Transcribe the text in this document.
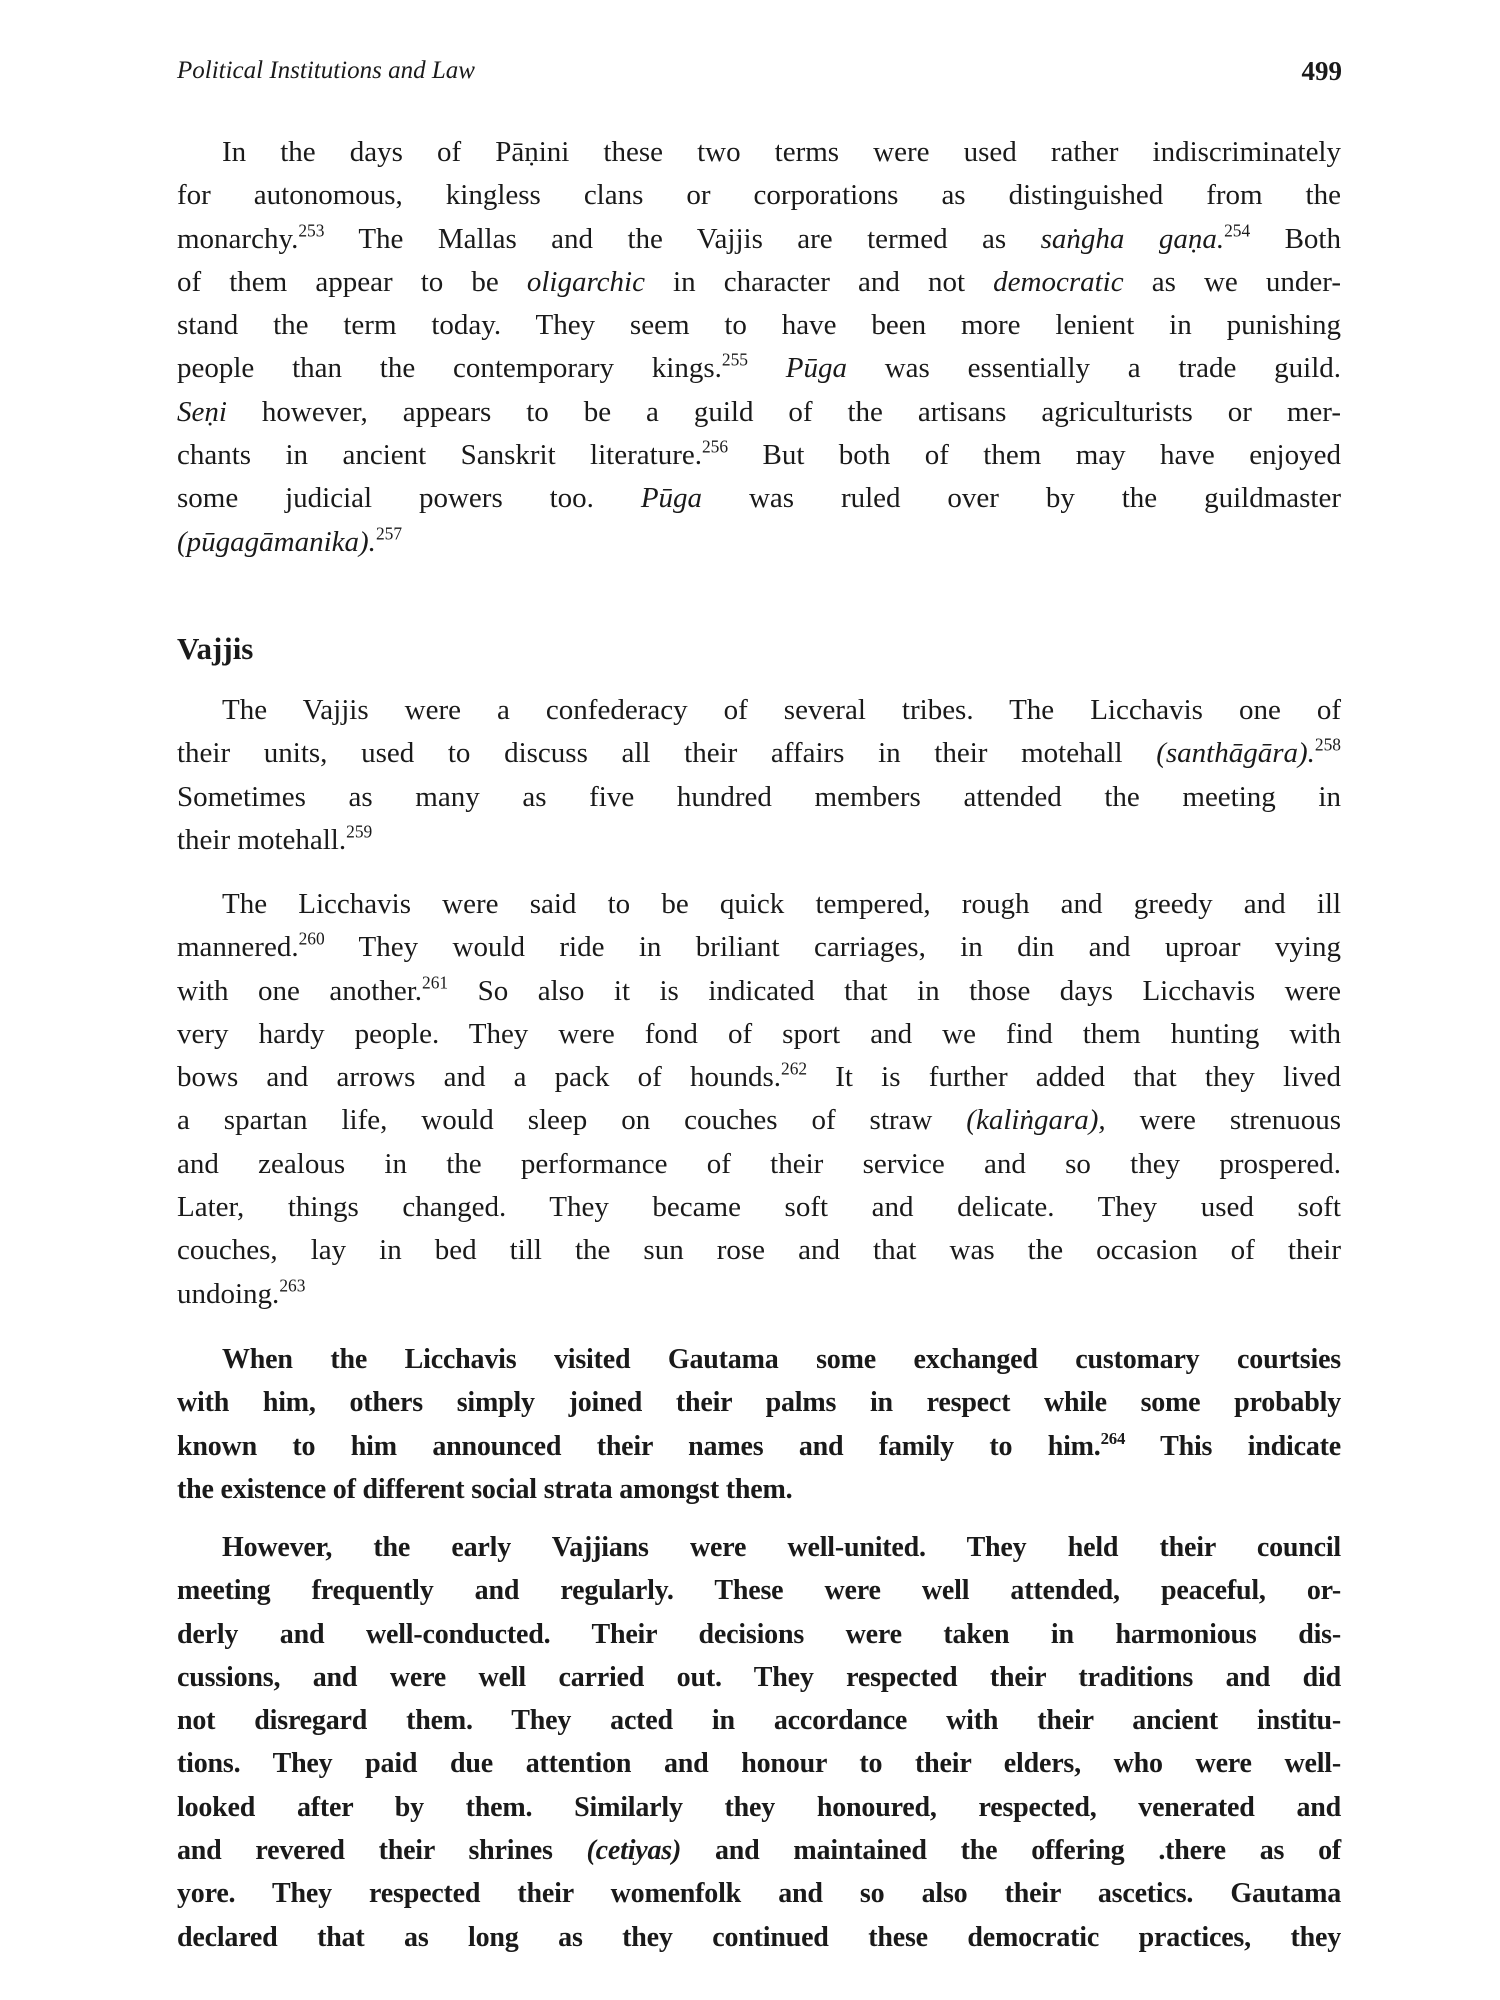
Political Institutions and Law	499
In the days of Pāṇini these two terms were used rather indiscriminately
for autonomous, kingless clans or corporations as distinguished from the
monarchy.$^{253}$ The Mallas and the Vajjis are termed as saṅgha gaṇa.$^{254}$ Both
of them appear to be oligarchic in character and not democratic as we under-
stand the term today. They seem to have been more lenient in punishing
people than the contemporary kings.$^{255}$ Pūga was essentially a trade guild.
Seṇi however, appears to be a guild of the artisans agriculturists or mer-
chants in ancient Sanskrit literature.$^{256}$ But both of them may have enjoyed
some judicial powers too. Pūga was ruled over by the guildmaster
(pūgagāmanika).$^{257}$
Vajjis
The Vajjis were a confederacy of several tribes. The Licchavis one of
their units, used to discuss all their affairs in their motehall (santhāgāra).$^{258}$
Sometimes as many as five hundred members attended the meeting in
their motehall.$^{259}$
The Licchavis were said to be quick tempered, rough and greedy and ill
mannered.$^{260}$ They would ride in briliant carriages, in din and uproar vying
with one another.$^{261}$ So also it is indicated that in those days Licchavis were
very hardy people. They were fond of sport and we find them hunting with
bows and arrows and a pack of hounds.$^{262}$ It is further added that they lived
a spartan life, would sleep on couches of straw (kaliṅgara), were strenuous
and zealous in the performance of their service and so they prospered.
Later, things changed. They became soft and delicate. They used soft
couches, lay in bed till the sun rose and that was the occasion of their
undoing.$^{263}$
When the Licchavis visited Gautama some exchanged customary courtsies
with him, others simply joined their palms in respect while some probably
known to him announced their names and family to him.$^{264}$ This indicate
the existence of different social strata amongst them.
However, the early Vajjians were well-united. They held their council
meeting frequently and regularly. These were well attended, peaceful, or-
derly and well-conducted. Their decisions were taken in harmonious dis-
cussions, and were well carried out. They respected their traditions and did
not disregard them. They acted in accordance with their ancient institu-
tions. They paid due attention and honour to their elders, who were well-
looked after by them. Similarly they honoured, respected, venerated and
and revered their shrines (cetiyas) and maintained the offering .there as of
yore. They respected their womenfolk and so also their ascetics. Gautama
declared that as long as they continued these democratic practices, they
